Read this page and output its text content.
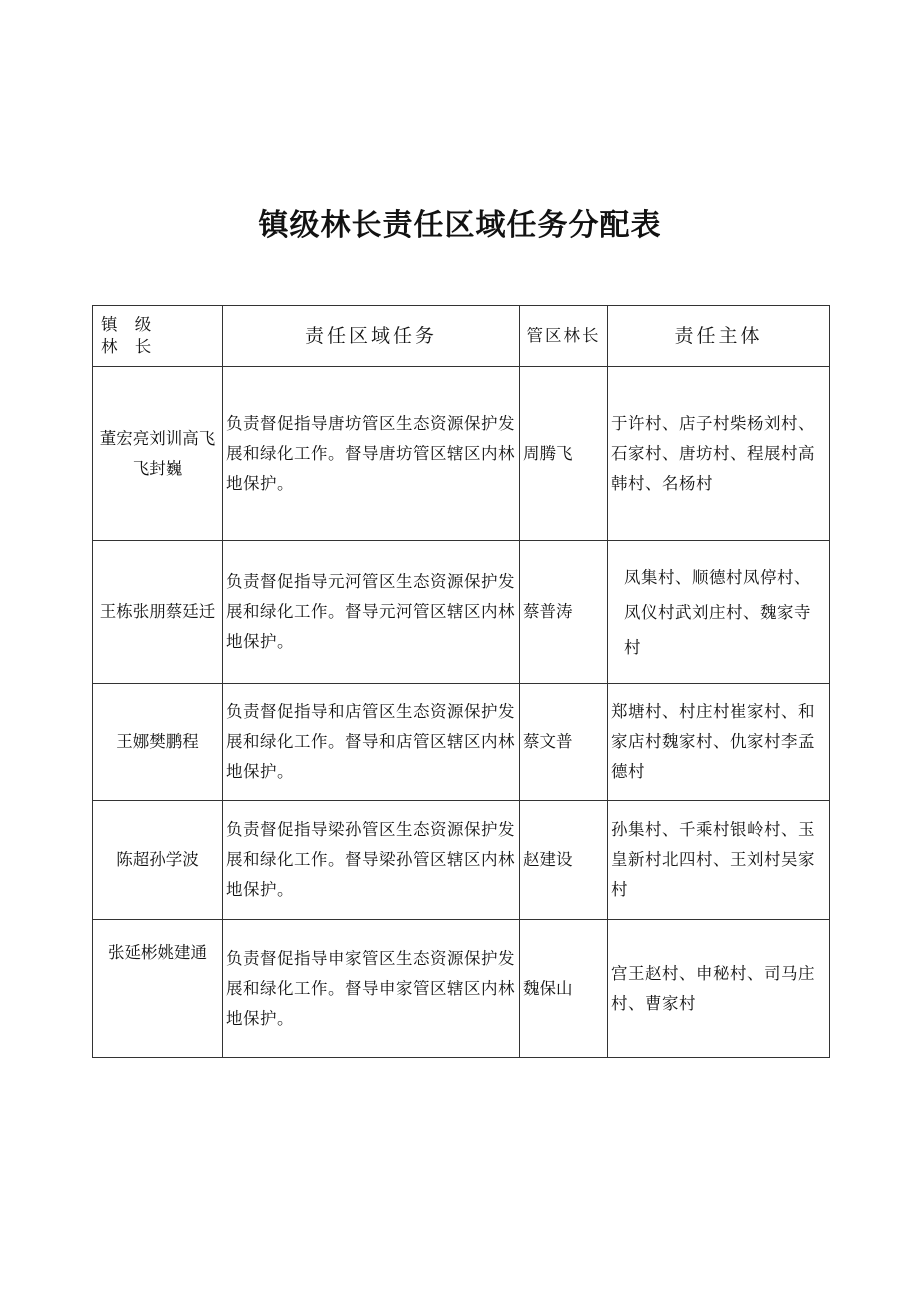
镇级林长责任区域任务分配表
镇 级
林 长	责任区域任务	管区林长	责任主体
董宏亮刘训高飞飞封巍	负责督促指导唐坊管区生态资源保护发展和绿化工作。督导唐坊管区辖区内林地保护。	周腾飞	于许村、店子村柴杨刘村、石家村、唐坊村、程展村高韩村、名杨村
王栋张朋蔡廷迁	负责督促指导元河管区生态资源保护发展和绿化工作。督导元河管区辖区内林地保护。	蔡普涛	凤集村、顺德村凤停村、凤仪村武刘庄村、魏家寺村
王娜樊鹏程	负责督促指导和店管区生态资源保护发展和绿化工作。督导和店管区辖区内林地保护。	蔡文普	郑塘村、村庄村崔家村、和家店村魏家村、仇家村李孟德村
陈超孙学波	负责督促指导梁孙管区生态资源保护发展和绿化工作。督导梁孙管区辖区内林地保护。	赵建设	孙集村、千乘村银岭村、玉皇新村北四村、王刘村吴家村
张延彬姚建通	负责督促指导申家管区生态资源保护发展和绿化工作。督导申家管区辖区内林地保护。	魏保山	宫王赵村、申秘村、司马庄村、曹家村
